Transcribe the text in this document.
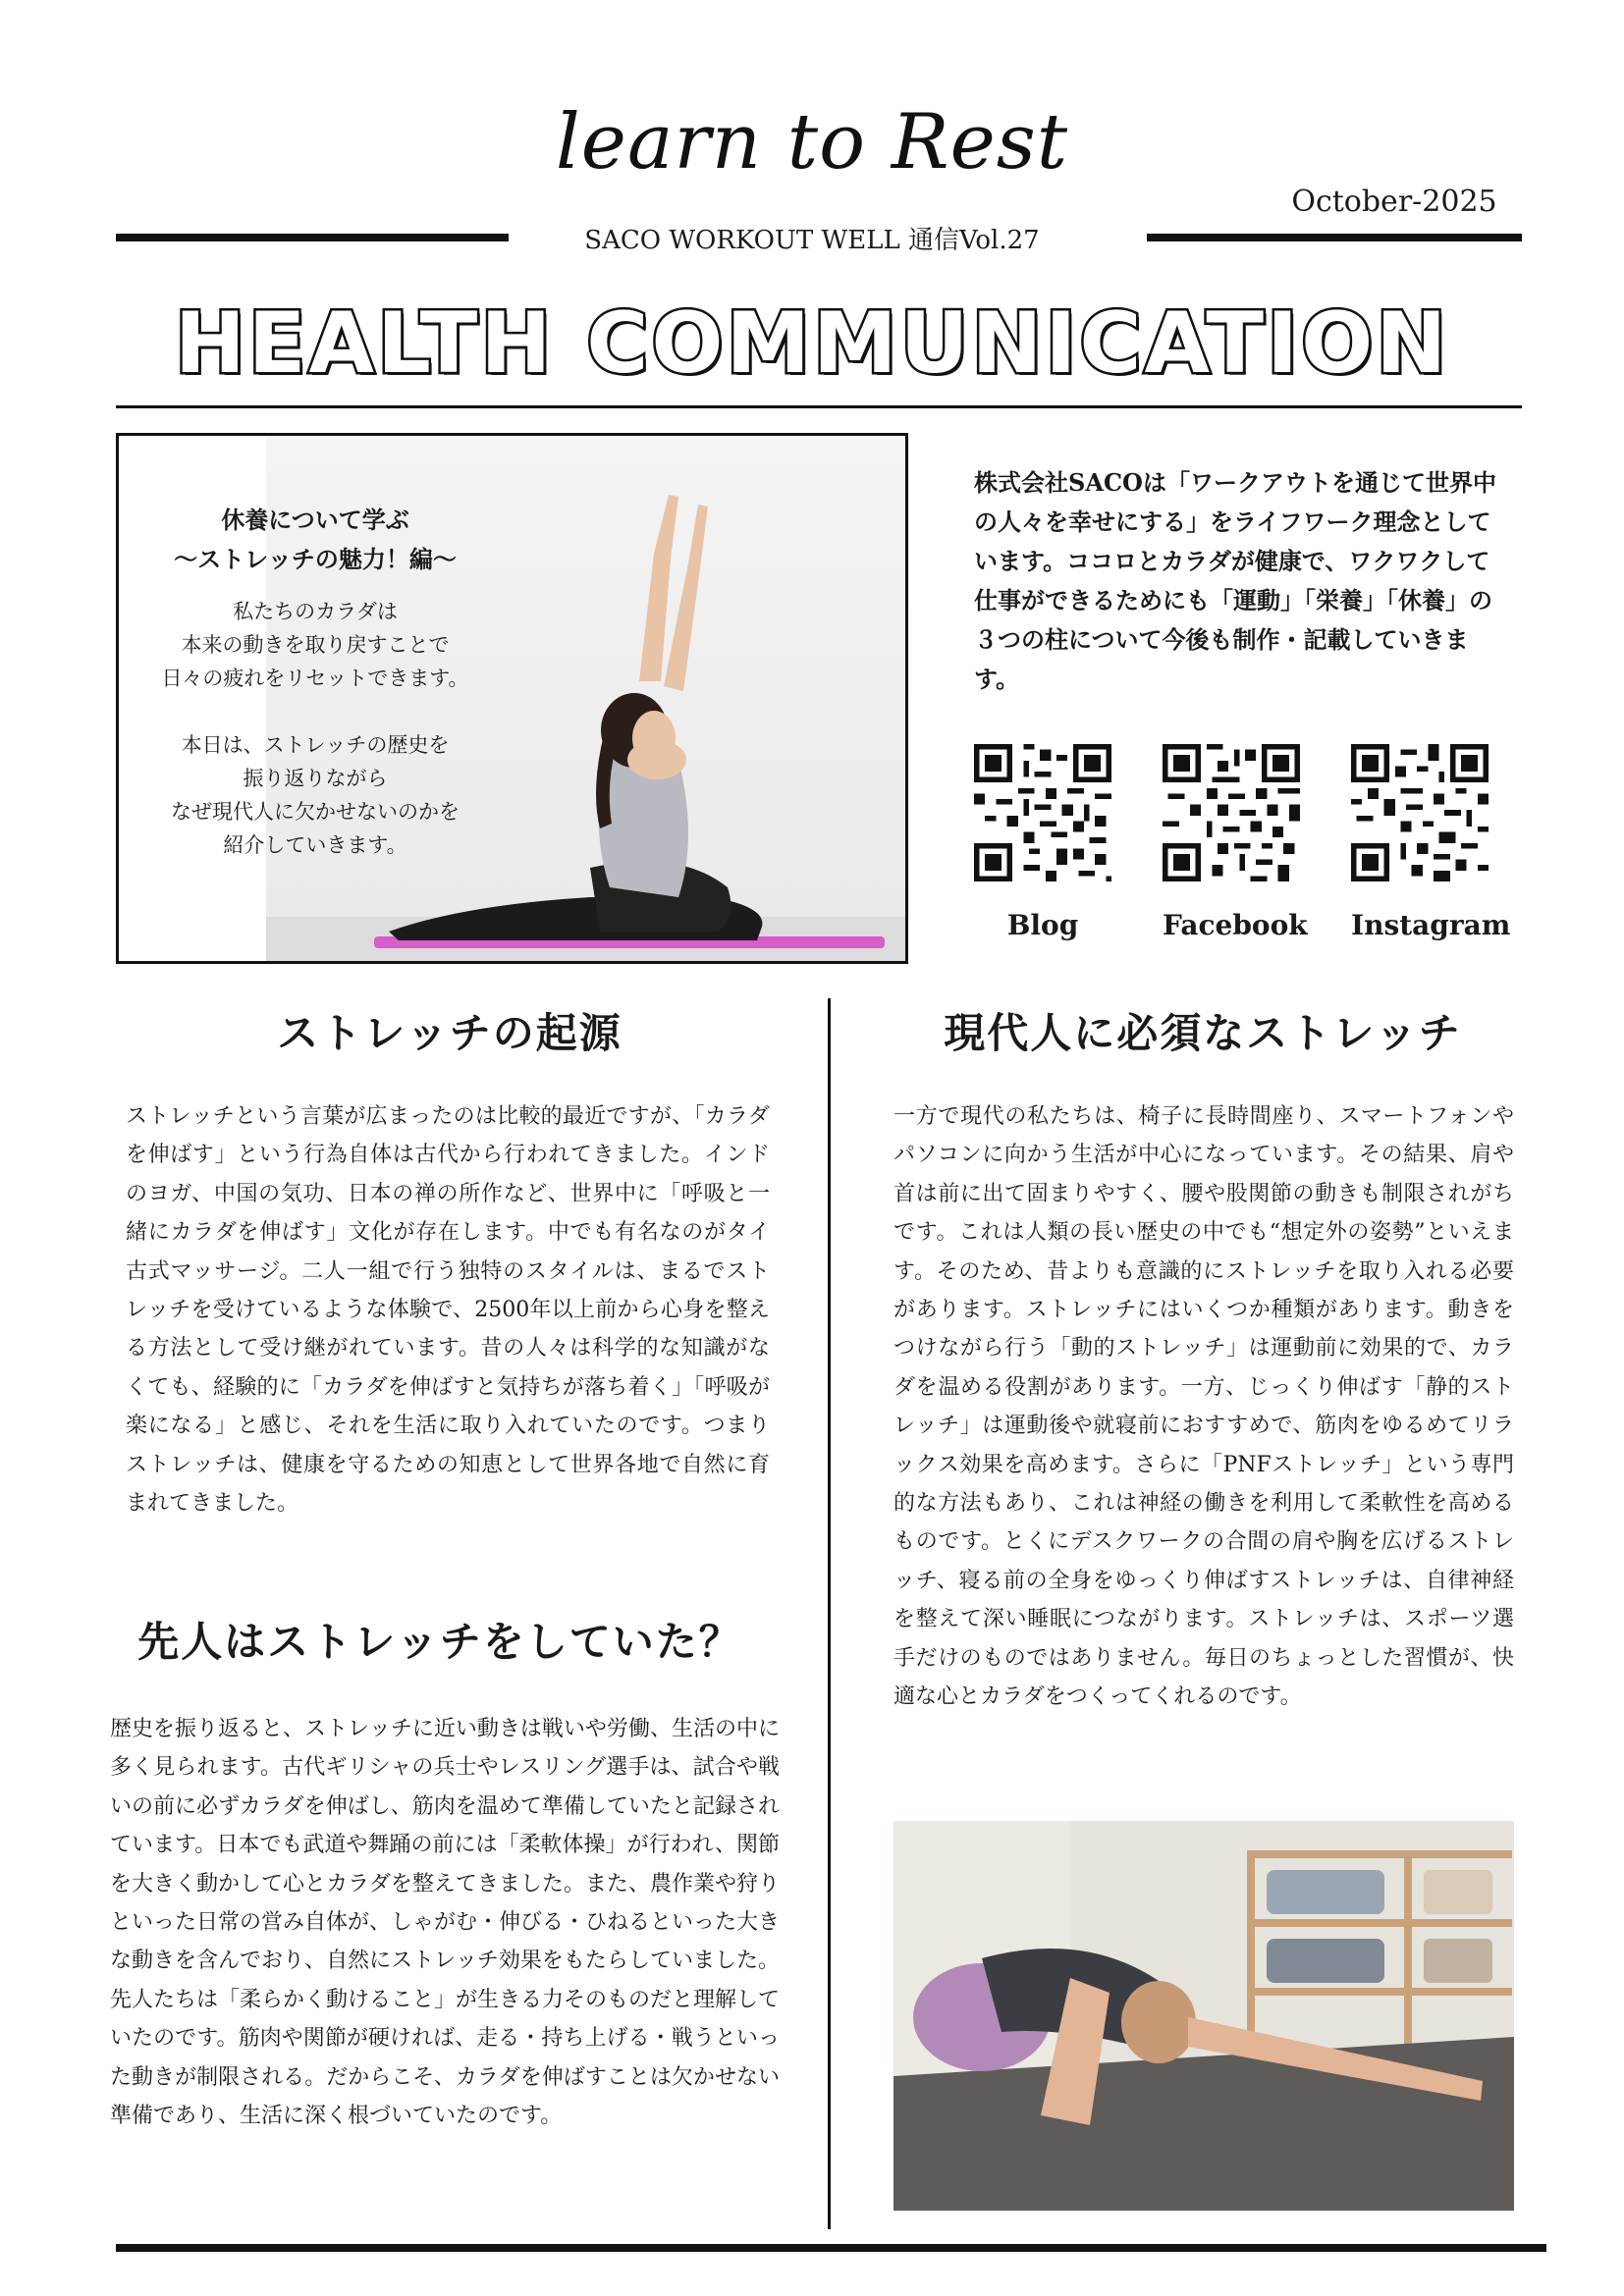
learn to Rest
October-2025
SACO WORKOUT WELL 通信Vol.27
HEALTH COMMUNICATION
休養について学ぶ
～ストレッチの魅力！編～
私たちのカラダは
本来の動きを取り戻すことで
日々の疲れをリセットできます。
本日は、ストレッチの歴史を
振り返りながら
なぜ現代人に欠かせないのかを
紹介していきます。
株式会社SACOは「ワークアウトを通じて世界中の人々を幸せにする」をライフワーク理念としています。ココロとカラダが健康で、ワクワクして仕事ができるためにも「運動」「栄養」「休養」の３つの柱について今後も制作・記載していきます。
Blog	Facebook Instagram
ストレッチの起源
ストレッチという言葉が広まったのは比較的最近ですが、「カラダを伸ばす」という行為自体は古代から行われてきました。インドのヨガ、中国の気功、日本の禅の所作など、世界中に「呼吸と一緒にカラダを伸ばす」文化が存在します。中でも有名なのがタイ古式マッサージ。二人一組で行う独特のスタイルは、まるでストレッチを受けているような体験で、2500年以上前から心身を整える方法として受け継がれています。昔の人々は科学的な知識がなくても、経験的に「カラダを伸ばすと気持ちが落ち着く」「呼吸が楽になる」と感じ、それを生活に取り入れていたのです。つまりストレッチは、健康を守るための知恵として世界各地で自然に育まれてきました。
先人はストレッチをしていた？
歴史を振り返ると、ストレッチに近い動きは戦いや労働、生活の中に多く見られます。古代ギリシャの兵士やレスリング選手は、試合や戦いの前に必ずカラダを伸ばし、筋肉を温めて準備していたと記録されています。日本でも武道や舞踊の前には「柔軟体操」が行われ、関節を大きく動かして心とカラダを整えてきました。また、農作業や狩りといった日常の営み自体が、しゃがむ・伸びる・ひねるといった大きな動きを含んでおり、自然にストレッチ効果をもたらしていました。先人たちは「柔らかく動けること」が生きる力そのものだと理解していたのです。筋肉や関節が硬ければ、走る・持ち上げる・戦うといった動きが制限される。だからこそ、カラダを伸ばすことは欠かせない準備であり、生活に深く根づいていたのです。
現代人に必須なストレッチ
一方で現代の私たちは、椅子に長時間座り、スマートフォンやパソコンに向かう生活が中心になっています。その結果、肩や首は前に出て固まりやすく、腰や股関節の動きも制限されがちです。これは人類の長い歴史の中でも“想定外の姿勢”といえます。そのため、昔よりも意識的にストレッチを取り入れる必要があります。ストレッチにはいくつか種類があります。動きをつけながら行う「動的ストレッチ」は運動前に効果的で、カラダを温める役割があります。一方、じっくり伸ばす「静的ストレッチ」は運動後や就寝前におすすめで、筋肉をゆるめてリラックス効果を高めます。さらに「PNFストレッチ」という専門的な方法もあり、これは神経の働きを利用して柔軟性を高めるものです。とくにデスクワークの合間の肩や胸を広げるストレッチ、寝る前の全身をゆっくり伸ばすストレッチは、自律神経を整えて深い睡眠につながります。ストレッチは、スポーツ選手だけのものではありません。毎日のちょっとした習慣が、快適な心とカラダをつくってくれるのです。
